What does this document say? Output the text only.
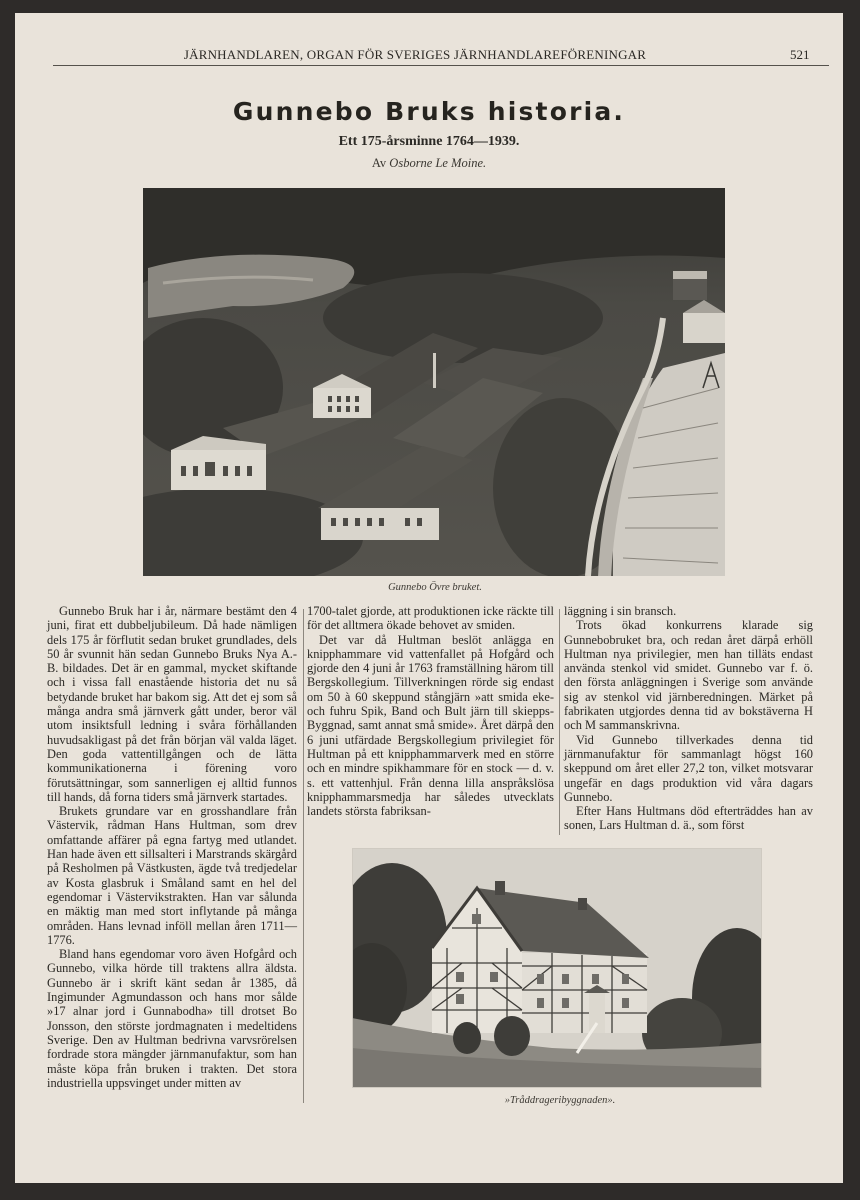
JÄRNHANDLAREN, ORGAN FÖR SVERIGES JÄRNHANDLAREFÖRENINGAR	521
Gunnebo Bruks historia.
Ett 175-årsminne 1764—1939.
Av Osborne Le Moine.
Gunnebo Övre bruket.

Gunnebo Bruk har i år, närmare bestämt den 4 juni, firat ett dubbeljubileum. Då hade nämligen dels 175 år förflutit sedan bruket grundlades, dels 50 år svunnit hän sedan Gunnebo Bruks Nya A.-B. bildades. Det är en gammal, mycket skiftande och i vissa fall enastående historia det nu så betydande bruket har bakom sig. Att det ej som så många andra små järnverk gått under, beror väl utom insiktsfull ledning i svåra förhållanden huvudsakligast på det från början väl valda läget. Den goda vattentillgången och de lätta kommunikationerna i förening voro förutsättningar, som sannerligen ej alltid funnos till hands, då forna tiders små järnverk startades.

Brukets grundare var en grosshandlare från Västervik, rådman Hans Hultman, som drev omfattande affärer på egna fartyg med utlandet. Han hade även ett sillsalteri i Marstrands skärgård på Resholmen på Västkusten, ägde två tredjedelar av Kosta glasbruk i Småland samt en hel del egendomar i Västervikstrakten. Han var sålunda en mäktig man med stort inflytande på många områden. Hans levnad inföll mellan åren 1711—1776.

Bland hans egendomar voro även Hofgård och Gunnebo, vilka hörde till traktens allra äldsta. Gunnebo är i skrift känt sedan år 1385, då Ingimunder Agmundasson och hans mor sålde »17 alnar jord i Gunnabodha» till drotset Bo Jonsson, den störste jordmagnaten i medeltidens Sverige. Den av Hultman bedrivna varvsrörelsen fordrade stora mängder järnmanufaktur, som han måste köpa från bruken i trakten. Det stora industriella uppsvinget under mitten av

1700-talet gjorde, att produktionen icke räckte till för det alltmera ökade behovet av smiden.

Det var då Hultman beslöt anlägga en knipphammare vid vattenfallet på Hofgård och gjorde den 4 juni år 1763 framställning härom till Bergskollegium. Tillverkningen rörde sig endast om 50 à 60 skeppund stångjärn »att smida eke- och fuhru Spik, Band och Bult järn till skiepps-Byggnad, samt annat små smide». Året därpå den 6 juni utfärdade Bergskollegium privilegiet för Hultman på ett knipphammarverk med en större och en mindre spikhammare för en stock — d. v. s. ett vattenhjul. Från denna lilla anspråkslösa knipphammarsmedja har således utvecklats landets största fabriksan-

läggning i sin bransch.

Trots ökad konkurrens klarade sig Gunnebobruket bra, och redan året därpå erhöll Hultman nya privilegier, men han tilläts endast använda stenkol vid smidet. Gunnebo var f. ö. den första anläggningen i Sverige som använde sig av stenkol vid järnberedningen. Märket på fabrikaten utgjordes denna tid av bokstäverna H och M sammanskrivna.

Vid Gunnebo tillverkades denna tid järnmanufaktur för sammanlagt högst 160 skeppund om året eller 27,2 ton, vilket motsvarar ungefär en dags produktion vid våra dagars Gunnebo.

Efter Hans Hultmans död efterträddes han av sonen, Lars Hultman d. ä., som först

»Tråddrageribyggnaden».
